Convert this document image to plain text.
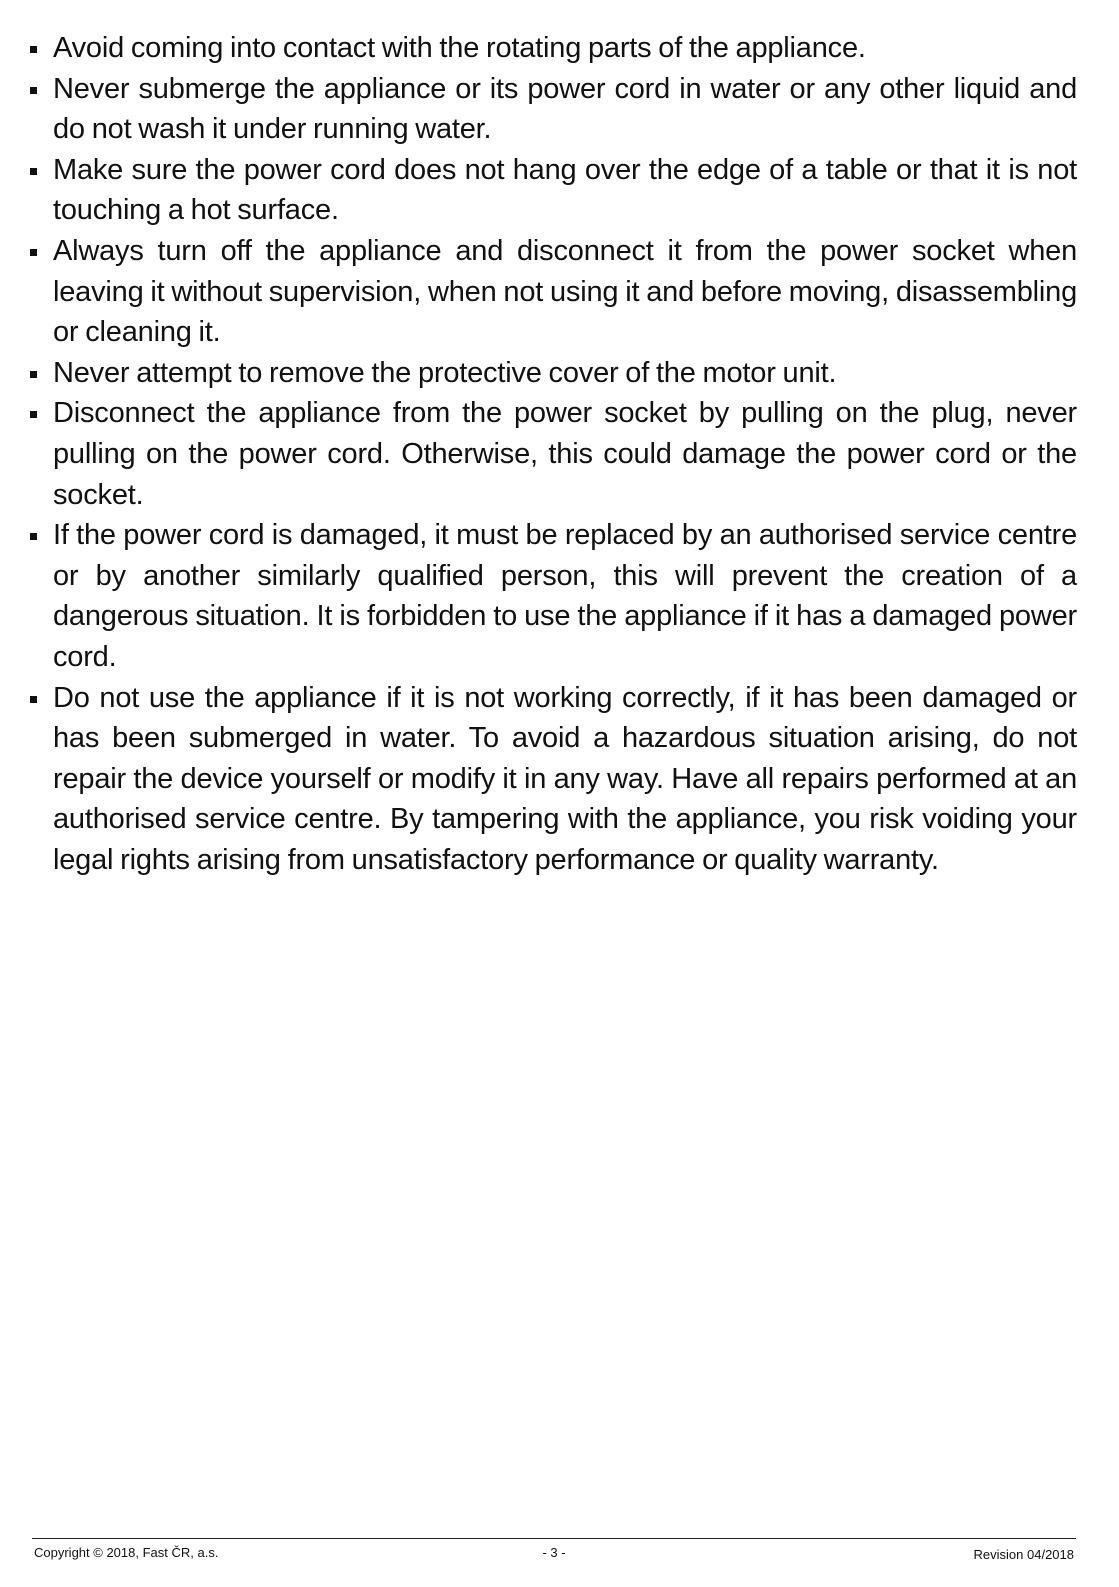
Avoid coming into contact with the rotating parts of the appliance.
Never submerge the appliance or its power cord in water or any other liquid and do not wash it under running water.
Make sure the power cord does not hang over the edge of a table or that it is not touching a hot surface.
Always turn off the appliance and disconnect it from the power socket when leaving it without supervision, when not using it and before moving, disassembling or cleaning it.
Never attempt to remove the protective cover of the motor unit.
Disconnect the appliance from the power socket by pulling on the plug, never pulling on the power cord. Otherwise, this could damage the power cord or the socket.
If the power cord is damaged, it must be replaced by an authorised service centre or by another similarly qualified person, this will prevent the creation of a dangerous situation. It is forbidden to use the appliance if it has a damaged power cord.
Do not use the appliance if it is not working correctly, if it has been damaged or has been submerged in water. To avoid a hazardous situation arising, do not repair the device yourself or modify it in any way. Have all repairs performed at an authorised service centre. By tampering with the appliance, you risk voiding your legal rights arising from unsatisfactory performance or quality warranty.
Copyright © 2018, Fast ČR, a.s.	- 3 -	Revision 04/2018
